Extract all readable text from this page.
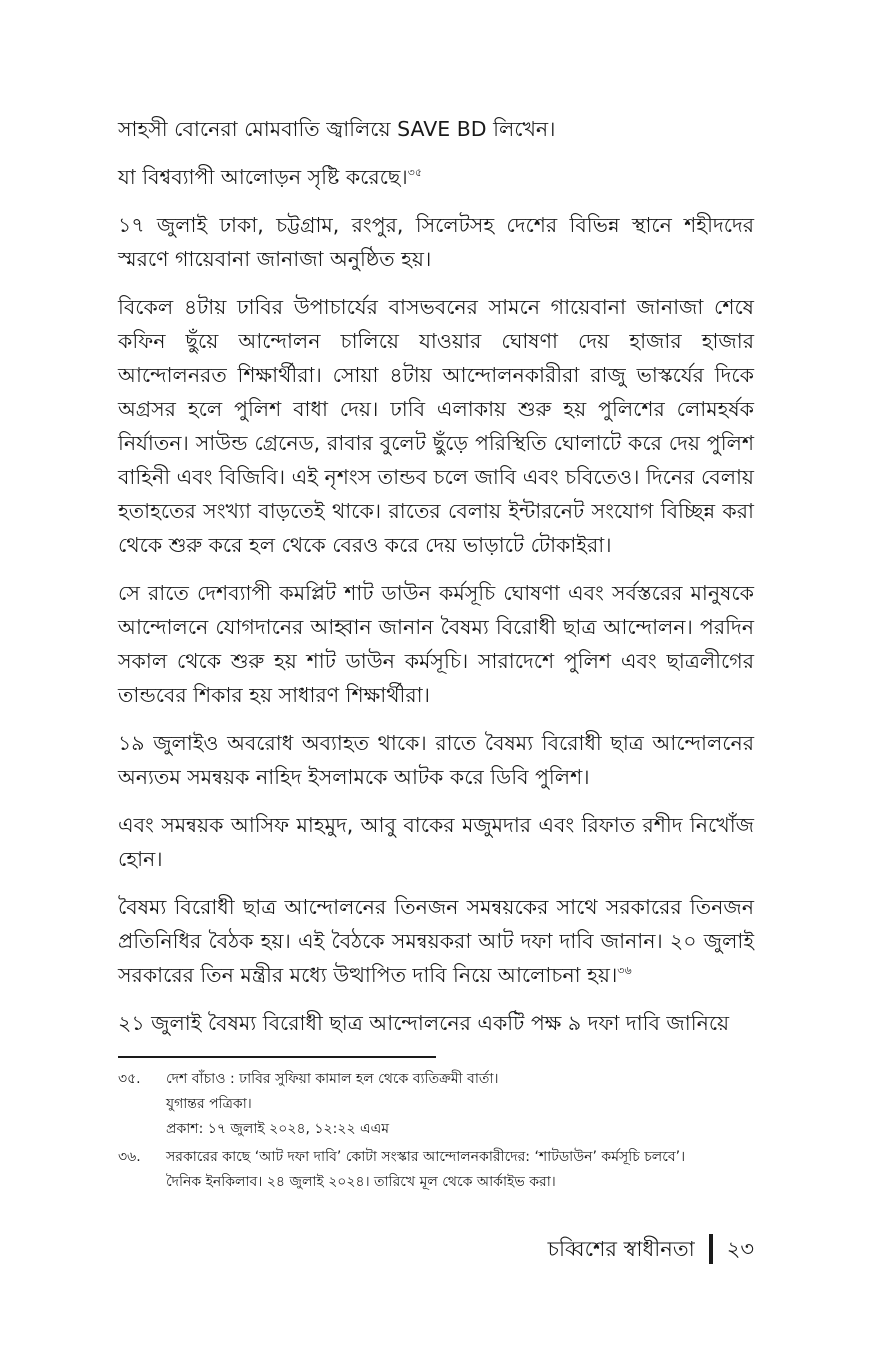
সাহসী বোনেরা মোমবাতি জ্বালিয়ে SAVE BD লিখেন।

যা বিশ্বব্যাপী আলোড়ন সৃষ্টি করেছে।$^{৩৫}$

১৭ জুলাই ঢাকা, চট্টগ্রাম, রংপুর, সিলেটসহ দেশের বিভিন্ন স্থানে শহীদদের স্মরণে গায়েবানা জানাজা অনুষ্ঠিত হয়।

বিকেল ৪টায় ঢাবির উপাচার্যের বাসভবনের সামনে গায়েবানা জানাজা শেষে কফিন ছুঁয়ে আন্দোলন চালিয়ে যাওয়ার ঘোষণা দেয় হাজার হাজার আন্দোলনরত শিক্ষার্থীরা। সোয়া ৪টায় আন্দোলনকারীরা রাজু ভাস্কর্যের দিকে অগ্রসর হলে পুলিশ বাধা দেয়। ঢাবি এলাকায় শুরু হয় পুলিশের লোমহর্ষক নির্যাতন। সাউন্ড গ্রেনেড, রাবার বুলেট ছুঁড়ে পরিস্থিতি ঘোলাটে করে দেয় পুলিশ বাহিনী এবং বিজিবি। এই নৃশংস তান্ডব চলে জাবি এবং চবিতেও। দিনের বেলায় হতাহতের সংখ্যা বাড়তেই থাকে। রাতের বেলায় ইন্টারনেট সংযোগ বিচ্ছিন্ন করা থেকে শুরু করে হল থেকে বেরও করে দেয় ভাড়াটে টোকাইরা।

সে রাতে দেশব্যাপী কমপ্লিট শাট ডাউন কর্মসূচি ঘোষণা এবং সর্বস্তরের মানুষকে আন্দোলনে যোগদানের আহ্বান জানান বৈষম্য বিরোধী ছাত্র আন্দোলন। পরদিন সকাল থেকে শুরু হয় শাট ডাউন কর্মসূচি। সারাদেশে পুলিশ এবং ছাত্রলীগের তান্ডবের শিকার হয় সাধারণ শিক্ষার্থীরা।

১৯ জুলাইও অবরোধ অব্যাহত থাকে। রাতে বৈষম্য বিরোধী ছাত্র আন্দোলনের অন্যতম সমন্বয়ক নাহিদ ইসলামকে আটক করে ডিবি পুলিশ।

এবং সমন্বয়ক আসিফ মাহমুদ, আবু বাকের মজুমদার এবং রিফাত রশীদ নিখোঁজ হোন।

বৈষম্য বিরোধী ছাত্র আন্দোলনের তিনজন সমন্বয়কের সাথে সরকারের তিনজন প্রতিনিধির বৈঠক হয়। এই বৈঠকে সমন্বয়করা আট দফা দাবি জানান। ২০ জুলাই সরকারের তিন মন্ত্রীর মধ্যে উত্থাপিত দাবি নিয়ে আলোচনা হয়।$^{৩৬}$

২১ জুলাই বৈষম্য বিরোধী ছাত্র আন্দোলনের একটি পক্ষ ৯ দফা দাবি জানিয়ে

৩৫.	দেশ বাঁচাও : ঢাবির সুফিয়া কামাল হল থেকে ব্যতিক্রমী বার্তা।
যুগান্তর পত্রিকা।
প্রকাশ: ১৭ জুলাই ২০২৪, ১২:২২ এএম
৩৬.	সরকারের কাছে ‘আট দফা দাবি’ কোটা সংস্কার আন্দোলনকারীদের: ‘শাটডাউন’ কর্মসূচি চলবে’।
দৈনিক ইনকিলাব। ২৪ জুলাই ২০২৪। তারিখে মূল থেকে আর্কাইভ করা।
চব্বিশের স্বাধীনতা ২৩
